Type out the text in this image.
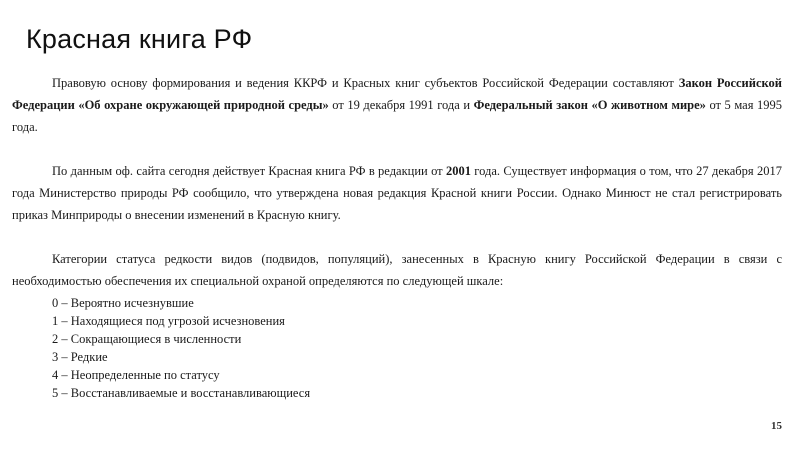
Красная книга РФ

Правовую основу формирования и ведения ККРФ и Красных книг субъектов Российской Федерации составляют Закон Российской Федерации «Об охране окружающей природной среды» от 19 декабря 1991 года и Федеральный закон «О животном мире» от 5 мая 1995 года.

По данным оф. сайта сегодня действует Красная книга РФ в редакции от 2001 года. Существует информация о том, что 27 декабря 2017 года Министерство природы РФ сообщило, что утверждена новая редакция Красной книги России. Однако Минюст не стал регистрировать приказ Минприроды о внесении изменений в Красную книгу.

Категории статуса редкости видов (подвидов, популяций), занесенных в Красную книгу Российской Федерации в связи с необходимостью обеспечения их специальной охраной определяются по следующей шкале:

0 – Вероятно исчезнувшие
1 – Находящиеся под угрозой исчезновения
2 – Сокращающиеся в численности
3 – Редкие
4 – Неопределенные по статусу
5 – Восстанавливаемые и восстанавливающиеся
15
